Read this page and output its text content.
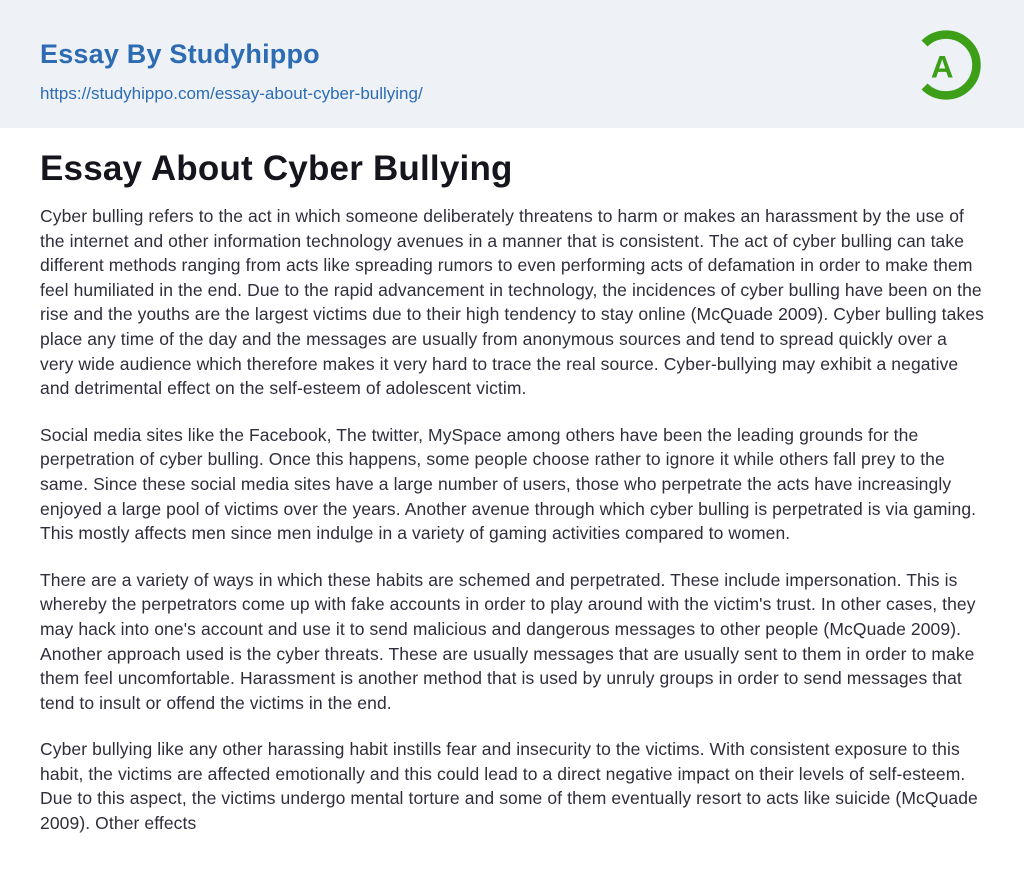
Essay By Studyhippo
https://studyhippo.com/essay-about-cyber-bullying/
A
Essay About Cyber Bullying

Cyber bulling refers to the act in which someone deliberately threatens to harm or makes an harassment by the use of the internet and other information technology avenues in a manner that is consistent. The act of cyber bulling can take different methods ranging from acts like spreading rumors to even performing acts of defamation in order to make them feel humiliated in the end. Due to the rapid advancement in technology, the incidences of cyber bulling have been on the rise and the youths are the largest victims due to their high tendency to stay online (McQuade 2009). Cyber bulling takes place any time of the day and the messages are usually from anonymous sources and tend to spread quickly over a very wide audience which therefore makes it very hard to trace the real source. Cyber-bullying may exhibit a negative and detrimental effect on the self-esteem of adolescent victim.

Social media sites like the Facebook, The twitter, MySpace among others have been the leading grounds for the perpetration of cyber bulling. Once this happens, some people choose rather to ignore it while others fall prey to the same. Since these social media sites have a large number of users, those who perpetrate the acts have increasingly enjoyed a large pool of victims over the years. Another avenue through which cyber bulling is perpetrated is via gaming. This mostly affects men since men indulge in a variety of gaming activities compared to women.

There are a variety of ways in which these habits are schemed and perpetrated. These include impersonation. This is whereby the perpetrators come up with fake accounts in order to play around with the victim's trust. In other cases, they may hack into one's account and use it to send malicious and dangerous messages to other people (McQuade 2009). Another approach used is the cyber threats. These are usually messages that are usually sent to them in order to make them feel uncomfortable. Harassment is another method that is used by unruly groups in order to send messages that tend to insult or offend the victims in the end.

Cyber bullying like any other harassing habit instills fear and insecurity to the victims. With consistent exposure to this habit, the victims are affected emotionally and this could lead to a direct negative impact on their levels of self-esteem. Due to this aspect, the victims undergo mental torture and some of them eventually resort to acts like suicide (McQuade 2009). Other effects
